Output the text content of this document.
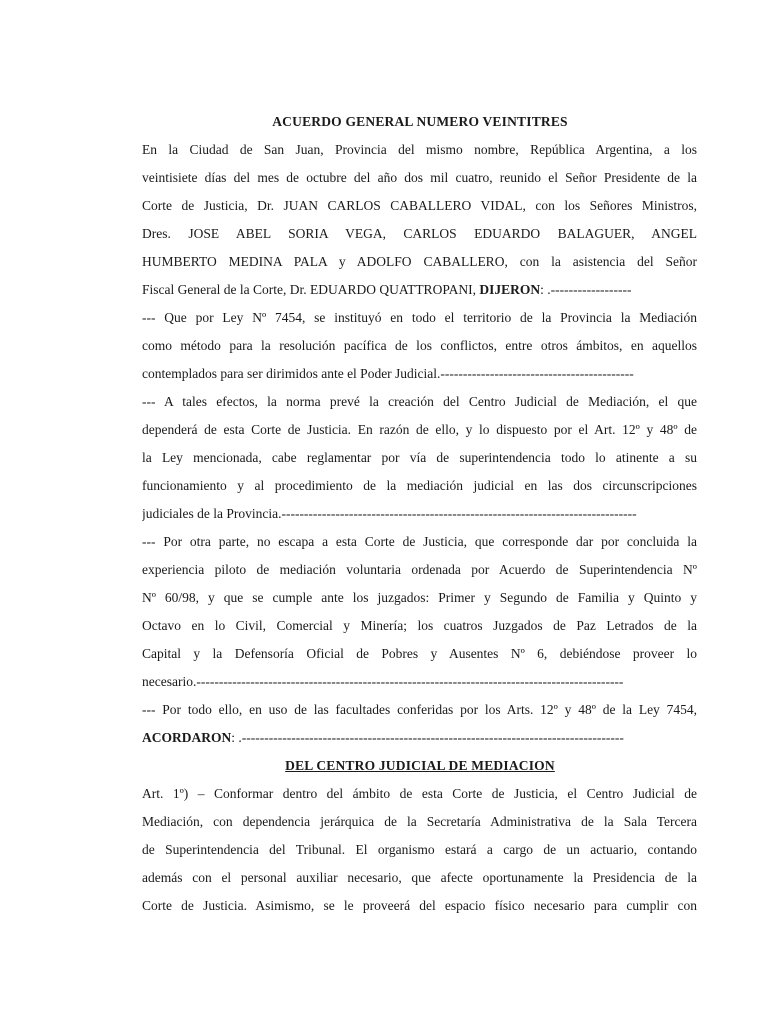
ACUERDO GENERAL NUMERO VEINTITRES
En la Ciudad de San Juan, Provincia del mismo nombre, República Argentina, a los
veintisiete días del mes de octubre del año dos mil cuatro, reunido el Señor Presidente de la
Corte de Justicia, Dr. JUAN CARLOS CABALLERO VIDAL, con los Señores Ministros,
Dres. JOSE ABEL SORIA VEGA, CARLOS EDUARDO BALAGUER, ANGEL
HUMBERTO MEDINA PALA y ADOLFO CABALLERO, con la asistencia del Señor
Fiscal General de la Corte, Dr. EDUARDO QUATTROPANI, DIJERON: .------------------
--- Que por Ley Nº 7454, se instituyó en todo el territorio de la Provincia la Mediación
como método para la resolución pacífica de los conflictos, entre otros ámbitos, en aquellos
contemplados para ser dirimidos ante el Poder Judicial.-------------------------------------------
--- A tales efectos, la norma prevé la creación del Centro Judicial de Mediación, el que
dependerá de esta Corte de Justicia. En razón de ello, y lo dispuesto por el Art. 12º y 48º de
la Ley mencionada, cabe reglamentar por vía de superintendencia todo lo atinente a su
funcionamiento y al procedimiento de la mediación judicial en las dos circunscripciones
judiciales de la Provincia.-------------------------------------------------------------------------------
--- Por otra parte, no escapa a esta Corte de Justicia, que corresponde dar por concluida la
experiencia piloto de mediación voluntaria ordenada por Acuerdo de Superintendencia Nº
Nº 60/98, y que se cumple ante los juzgados: Primer y Segundo de Familia y Quinto y
Octavo en lo Civil, Comercial y Minería; los cuatros Juzgados de Paz Letrados de la
Capital y la Defensoría Oficial de Pobres y Ausentes Nº 6, debiéndose proveer lo
necesario.-----------------------------------------------------------------------------------------------
--- Por todo ello, en uso de las facultades conferidas por los Arts. 12º y 48º de la Ley 7454,
ACORDARON: .-------------------------------------------------------------------------------------
DEL CENTRO JUDICIAL DE MEDIACION
Art. 1º) – Conformar dentro del ámbito de esta Corte de Justicia, el Centro Judicial de
Mediación, con dependencia jerárquica de la Secretaría Administrativa de la Sala Tercera
de Superintendencia del Tribunal. El organismo estará a cargo de un actuario, contando
además con el personal auxiliar necesario, que afecte oportunamente la Presidencia de la
Corte de Justicia. Asimismo, se le proveerá del espacio físico necesario para cumplir con
